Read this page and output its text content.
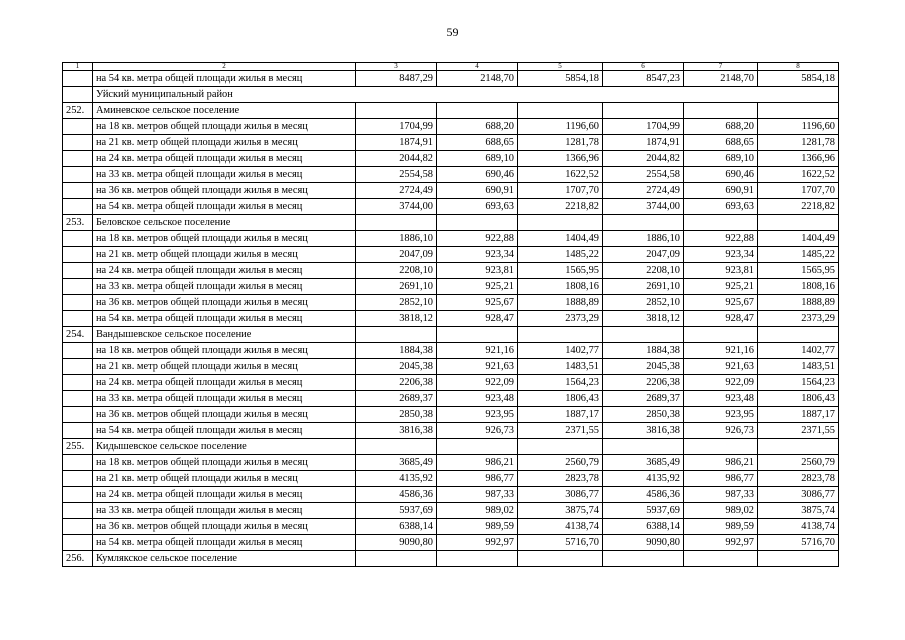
59
1	2	3	4	5	6	7	8
	на 54 кв. метра общей площади жилья в месяц	8487,29	2148,70	5854,18	8547,23	2148,70	5854,18
	Уйский муниципальный район						
252.	Аминевское сельское поселение						
	на 18 кв. метров общей площади жилья в месяц	1704,99	688,20	1196,60	1704,99	688,20	1196,60
	на 21 кв. метр общей площади жилья в месяц	1874,91	688,65	1281,78	1874,91	688,65	1281,78
	на 24 кв. метра общей площади жилья в месяц	2044,82	689,10	1366,96	2044,82	689,10	1366,96
	на 33 кв. метра общей площади жилья в месяц	2554,58	690,46	1622,52	2554,58	690,46	1622,52
	на 36 кв. метров общей площади жилья в месяц	2724,49	690,91	1707,70	2724,49	690,91	1707,70
	на 54 кв. метра общей площади жилья в месяц	3744,00	693,63	2218,82	3744,00	693,63	2218,82
253.	Беловское сельское поселение						
	на 18 кв. метров общей площади жилья в месяц	1886,10	922,88	1404,49	1886,10	922,88	1404,49
	на 21 кв. метр общей площади жилья в месяц	2047,09	923,34	1485,22	2047,09	923,34	1485,22
	на 24 кв. метра общей площади жилья в месяц	2208,10	923,81	1565,95	2208,10	923,81	1565,95
	на 33 кв. метра общей площади жилья в месяц	2691,10	925,21	1808,16	2691,10	925,21	1808,16
	на 36 кв. метров общей площади жилья в месяц	2852,10	925,67	1888,89	2852,10	925,67	1888,89
	на 54 кв. метра общей площади жилья в месяц	3818,12	928,47	2373,29	3818,12	928,47	2373,29
254.	Вандышевское сельское поселение						
	на 18 кв. метров общей площади жилья в месяц	1884,38	921,16	1402,77	1884,38	921,16	1402,77
	на 21 кв. метр общей площади жилья в месяц	2045,38	921,63	1483,51	2045,38	921,63	1483,51
	на 24 кв. метра общей площади жилья в месяц	2206,38	922,09	1564,23	2206,38	922,09	1564,23
	на 33 кв. метра общей площади жилья в месяц	2689,37	923,48	1806,43	2689,37	923,48	1806,43
	на 36 кв. метров общей площади жилья в месяц	2850,38	923,95	1887,17	2850,38	923,95	1887,17
	на 54 кв. метра общей площади жилья в месяц	3816,38	926,73	2371,55	3816,38	926,73	2371,55
255.	Кидышевское сельское поселение						
	на 18 кв. метров общей площади жилья в месяц	3685,49	986,21	2560,79	3685,49	986,21	2560,79
	на 21 кв. метр общей площади жилья в месяц	4135,92	986,77	2823,78	4135,92	986,77	2823,78
	на 24 кв. метра общей площади жилья в месяц	4586,36	987,33	3086,77	4586,36	987,33	3086,77
	на 33 кв. метра общей площади жилья в месяц	5937,69	989,02	3875,74	5937,69	989,02	3875,74
	на 36 кв. метров общей площади жилья в месяц	6388,14	989,59	4138,74	6388,14	989,59	4138,74
	на 54 кв. метра общей площади жилья в месяц	9090,80	992,97	5716,70	9090,80	992,97	5716,70
256.	Кумлякское сельское поселение						
